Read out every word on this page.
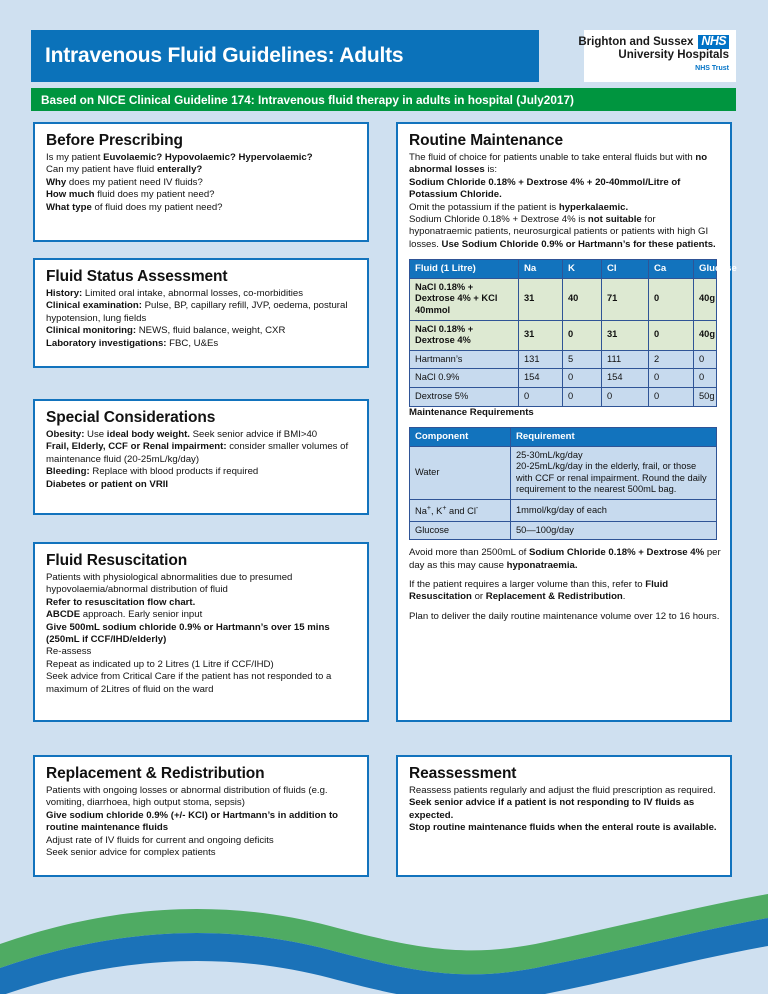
Intravenous Fluid Guidelines: Adults
Brighton and Sussex NHS
University Hospitals
NHS Trust
Based on NICE Clinical Guideline 174: Intravenous fluid therapy in adults in hospital (July2017)
Before Prescribing

Is my patient Euvolaemic? Hypovolaemic? Hypervolaemic?

Can my patient have fluid enterally?

Why does my patient need IV fluids?

How much fluid does my patient need?

What type of fluid does my patient need?

Fluid Status Assessment

History: Limited oral intake, abnormal losses, co-morbidities

Clinical examination: Pulse, BP, capillary refill, JVP, oedema, postural hypotension, lung fields

Clinical monitoring: NEWS, fluid balance, weight, CXR

Laboratory investigations: FBC, U&Es

Special Considerations

Obesity: Use ideal body weight. Seek senior advice if BMI>40

Frail, Elderly, CCF or Renal impairment: consider smaller volumes of maintenance fluid (20-25mL/kg/day)

Bleeding: Replace with blood products if required

Diabetes or patient on VRII

Fluid Resuscitation

Patients with physiological abnormalities due to presumed hypovolaemia/abnormal distribution of fluid

Refer to resuscitation flow chart.

ABCDE approach. Early senior input

Give 500mL sodium chloride 0.9% or Hartmann’s over 15 mins (250mL if CCF/IHD/elderly)

Re-assess

Repeat as indicated up to 2 Litres (1 Litre if CCF/IHD)

Seek advice from Critical Care if the patient has not responded to a maximum of 2Litres of fluid on the ward

Replacement & Redistribution

Patients with ongoing losses or abnormal distribution of fluids (e.g. vomiting, diarrhoea, high output stoma, sepsis)

Give sodium chloride 0.9% (+/- KCl) or Hartmann’s in addition to routine maintenance fluids

Adjust rate of IV fluids for current and ongoing deficits

Seek senior advice for complex patients

Routine Maintenance

The fluid of choice for patients unable to take enteral fluids but with no abnormal losses is:

Sodium Chloride 0.18% + Dextrose 4% + 20-40mmol/Litre of Potassium Chloride.

Omit the potassium if the patient is hyperkalaemic.

Sodium Chloride 0.18% + Dextrose 4% is not suitable for hyponatraemic patients, neurosurgical patients or patients with high GI losses. Use Sodium Chloride 0.9% or Hartmann’s for these patients.

Fluid (1 Litre)	Na	K	Cl	Ca	Glucose
NaCl 0.18% + Dextrose 4% + KCl 40mmol	31	40	71	0	40g
NaCl 0.18% + Dextrose 4%	31	0	31	0	40g
Hartmann’s	131	5	111	2	0
NaCl 0.9%	154	0	154	0	0
Dextrose 5%	0	0	0	0	50g

Maintenance Requirements

Component	Requirement
Water	25-30mL/kg/day
20-25mL/kg/day in the elderly, frail, or those with CCF or renal impairment. Round the daily requirement to the nearest 500mL bag.
Na+, K+ and Cl-	1mmol/kg/day of each
Glucose	50—100g/day

Avoid more than 2500mL of Sodium Chloride 0.18% + Dextrose 4% per day as this may cause hyponatraemia.

If the patient requires a larger volume than this, refer to Fluid Resuscitation or Replacement & Redistribution.

Plan to deliver the daily routine maintenance volume over 12 to 16 hours.

Reassessment

Reassess patients regularly and adjust the fluid prescription as required.

Seek senior advice if a patient is not responding to IV fluids as expected.

Stop routine maintenance fluids when the enteral route is available.
